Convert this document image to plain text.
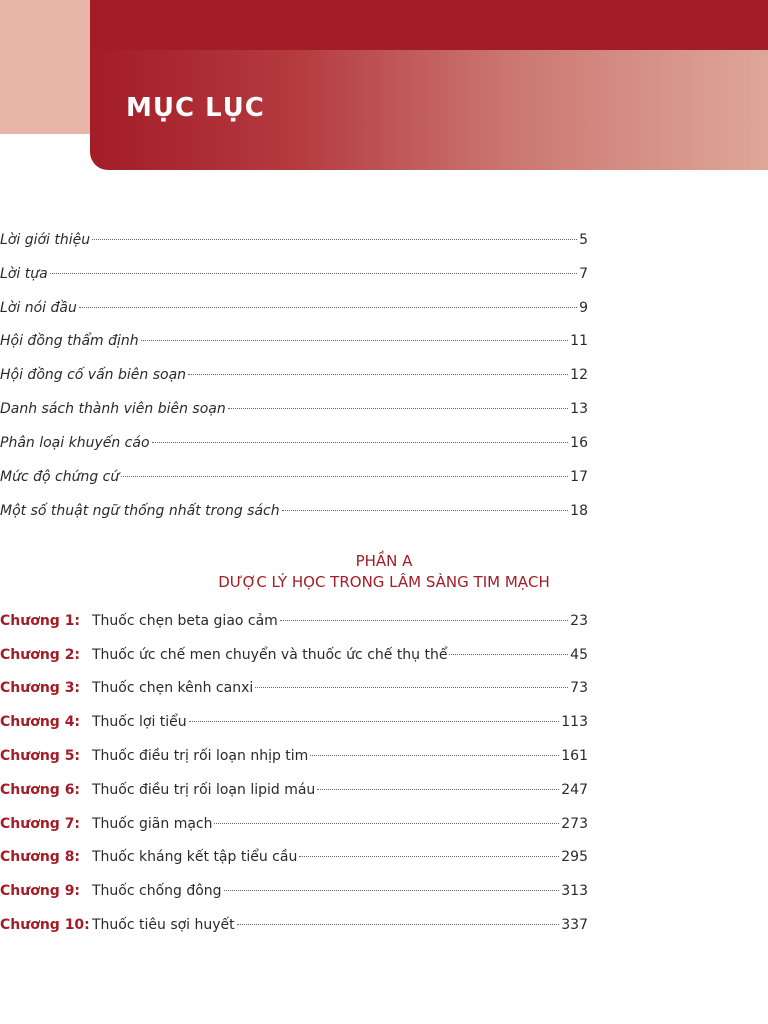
MỤC LỤC
Lời giới thiệu	5
Lời tựa	7
Lời nói đầu	9
Hội đồng thẩm định	11
Hội đồng cố vấn biên soạn	12
Danh sách thành viên biên soạn	13
Phân loại khuyến cáo	16
Mức độ chứng cứ	17
Một số thuật ngữ thống nhất trong sách	18
PHẦN A
DƯỢC LÝ HỌC TRONG LÂM SÀNG TIM MẠCH
Chương 1: Thuốc chẹn beta giao cảm	23
Chương 2: Thuốc ức chế men chuyển và thuốc ức chế thụ thể	45
Chương 3: Thuốc chẹn kênh canxi	73
Chương 4: Thuốc lợi tiểu	113
Chương 5: Thuốc điều trị rối loạn nhịp tim	161
Chương 6: Thuốc điều trị rối loạn lipid máu	247
Chương 7: Thuốc giãn mạch	273
Chương 8: Thuốc kháng kết tập tiểu cầu	295
Chương 9: Thuốc chống đông	313
Chương 10: Thuốc tiêu sợi huyết	337
